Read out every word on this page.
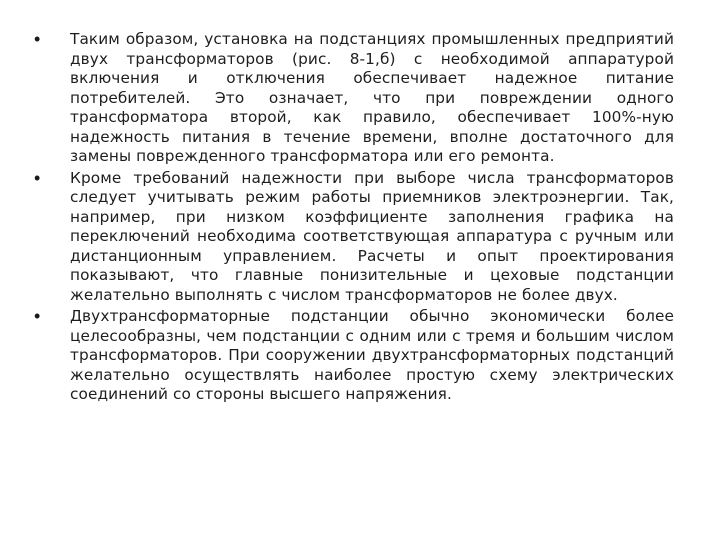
• Таким образом, установка на подстанциях промышленных предприятий двух трансформаторов (рис. 8-1,б) с необходимой аппаратурой включения и отключения обеспечивает надежное питание потребителей. Это означает, что при повреждении одного трансформатора второй, как правило, обеспечивает 100%-ную надежность питания в течение времени, вполне достаточного для замены поврежденного трансформатора или его ремонта.
• Кроме требований надежности при выборе числа трансформаторов следует учитывать режим работы приемников электроэнергии. Так, например, при низком коэффициенте заполнения графика на переключений необходима соответствующая аппаратура с ручным или дистанционным управлением. Расчеты и опыт проектирования показывают, что главные понизительные и цеховые подстанции желательно выполнять с числом трансформаторов не более двух.
• Двухтрансформаторные подстанции обычно экономически более целесообразны, чем подстанции с одним или с тремя и большим числом трансформаторов. При сооружении двухтрансформаторных подстанций желательно осуществлять наиболее простую схему электрических соединений со стороны высшего напряжения.
